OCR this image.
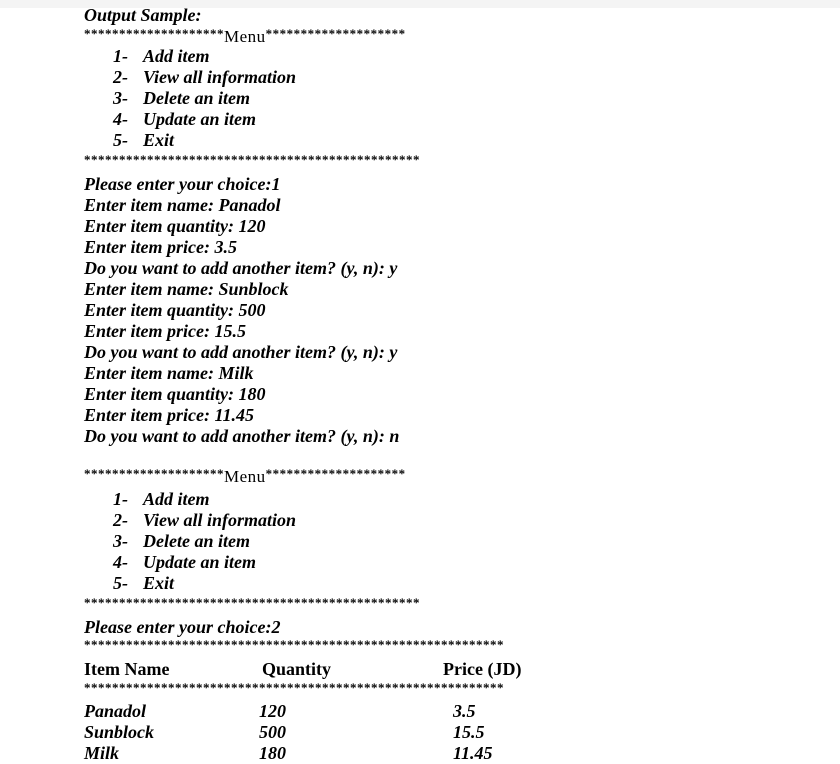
Output Sample:
********************Menu********************
1- Add item
2- View all information
3- Delete an item
4- Update an item
5- Exit
************************************************
Please enter your choice:1
Enter item name: Panadol
Enter item quantity: 120
Enter item price: 3.5
Do you want to add another item? (y, n): y
Enter item name: Sunblock
Enter item quantity: 500
Enter item price: 15.5
Do you want to add another item? (y, n): y
Enter item name: Milk
Enter item quantity: 180
Enter item price: 11.45
Do you want to add another item? (y, n): n
********************Menu********************
1- Add item
2- View all information
3- Delete an item
4- Update an item
5- Exit
************************************************
Please enter your choice:2
************************************************************
Item Name	Quantity	Price (JD)
************************************************************
Panadol	120	3.5
Sunblock	500	15.5
Milk	180	11.45
